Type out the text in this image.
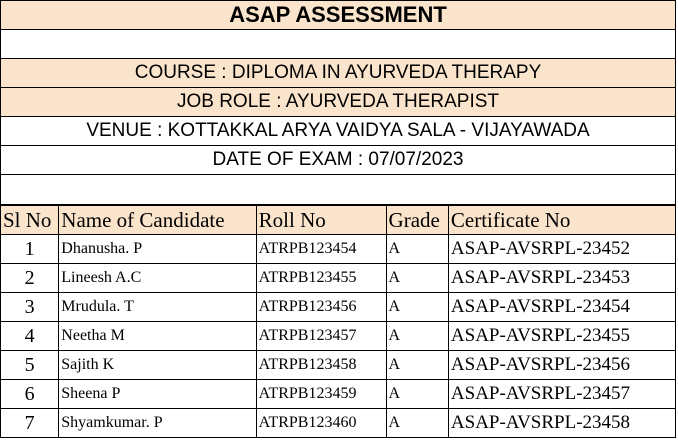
ASAP ASSESSMENT
COURSE : DIPLOMA IN AYURVEDA THERAPY
JOB ROLE : AYURVEDA THERAPIST
VENUE : KOTTAKKAL ARYA VAIDYA SALA - VIJAYAWADA
DATE OF EXAM : 07/07/2023
Sl No	Name of Candidate	Roll No	Grade	Certificate No
1	Dhanusha. P	ATRPB123454	A	ASAP-AVSRPL-23452
2	Lineesh A.C	ATRPB123455	A	ASAP-AVSRPL-23453
3	Mrudula. T	ATRPB123456	A	ASAP-AVSRPL-23454
4	Neetha M	ATRPB123457	A	ASAP-AVSRPL-23455
5	Sajith K	ATRPB123458	A	ASAP-AVSRPL-23456
6	Sheena P	ATRPB123459	A	ASAP-AVSRPL-23457
7	Shyamkumar. P	ATRPB123460	A	ASAP-AVSRPL-23458
